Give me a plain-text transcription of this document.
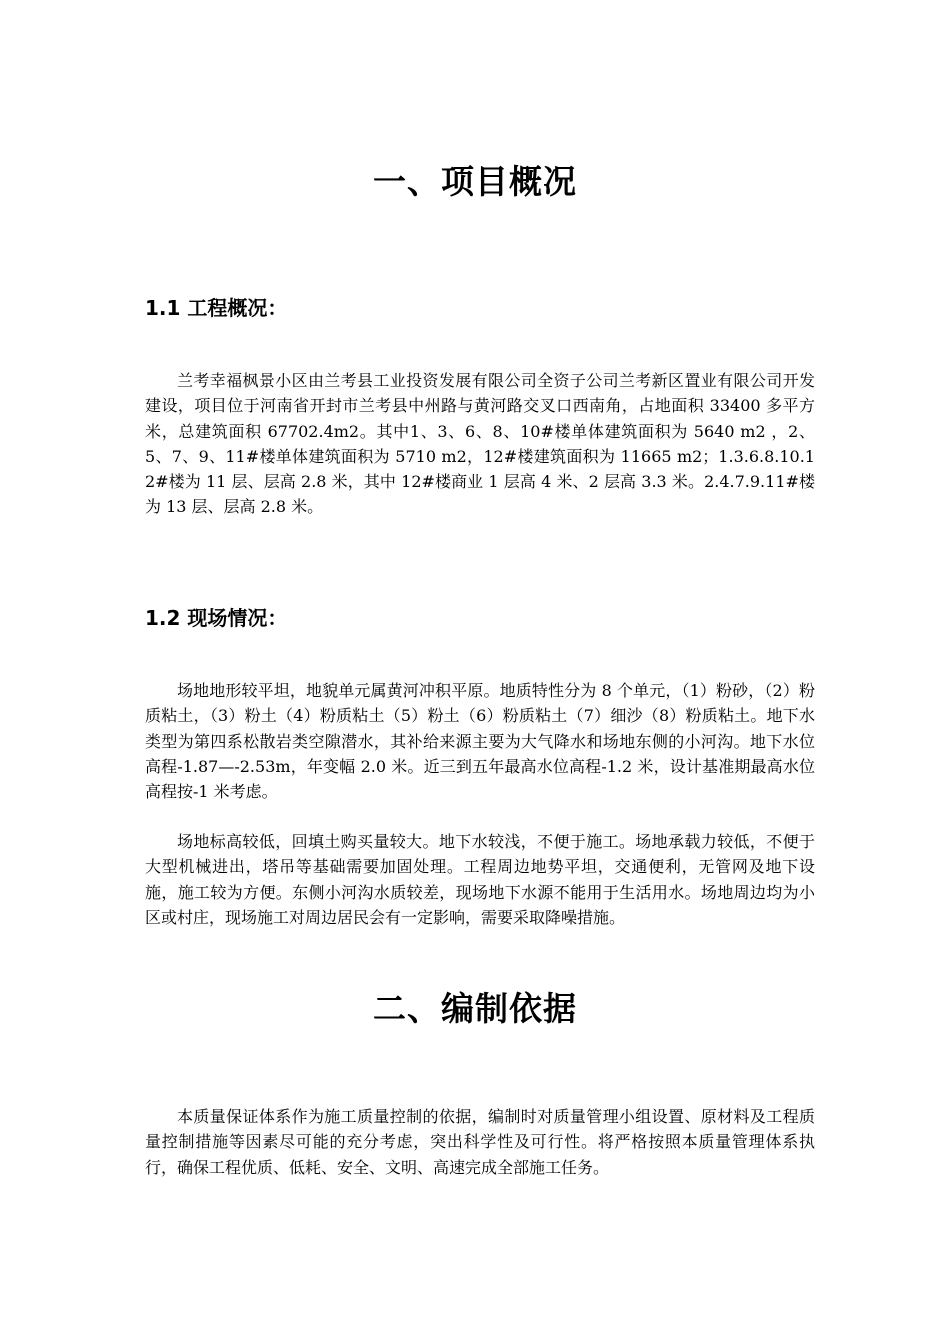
一、项目概况
1.1 工程概况：

兰考幸福枫景小区由兰考县工业投资发展有限公司全资子公司兰考新区置业有限公司开发建设，项目位于河南省开封市兰考县中州路与黄河路交叉口西南角，占地面积 33400 多平方米，总建筑面积 67702.4m2。其中1、3、6、8、10#楼单体建筑面积为 5640 m2 ，2、5、7、9、11#楼单体建筑面积为 5710 m2，12#楼建筑面积为 11665 m2；1.3.6.8.10.12#楼为 11 层、层高 2.8 米，其中 12#楼商业 1 层高 4 米、2 层高 3.3 米。2.4.7.9.11#楼为 13 层、层高 2.8 米。

1.2 现场情况：

场地地形较平坦，地貌单元属黄河冲积平原。地质特性分为 8 个单元，（1）粉砂，（2）粉质粘土，（3）粉土（4）粉质粘土（5）粉土（6）粉质粘土（7）细沙（8）粉质粘土。地下水类型为第四系松散岩类空隙潜水，其补给来源主要为大气降水和场地东侧的小河沟。地下水位高程-1.87—-2.53m，年变幅 2.0 米。近三到五年最高水位高程-1.2 米，设计基准期最高水位高程按-1 米考虑。

场地标高较低，回填土购买量较大。地下水较浅，不便于施工。场地承载力较低，不便于大型机械进出，塔吊等基础需要加固处理。工程周边地势平坦，交通便利，无管网及地下设施，施工较为方便。东侧小河沟水质较差，现场地下水源不能用于生活用水。场地周边均为小区或村庄，现场施工对周边居民会有一定影响，需要采取降噪措施。

二、编制依据

本质量保证体系作为施工质量控制的依据，编制时对质量管理小组设置、原材料及工程质量控制措施等因素尽可能的充分考虑，突出科学性及可行性。将严格按照本质量管理体系执行，确保工程优质、低耗、安全、文明、高速完成全部施工任务。
